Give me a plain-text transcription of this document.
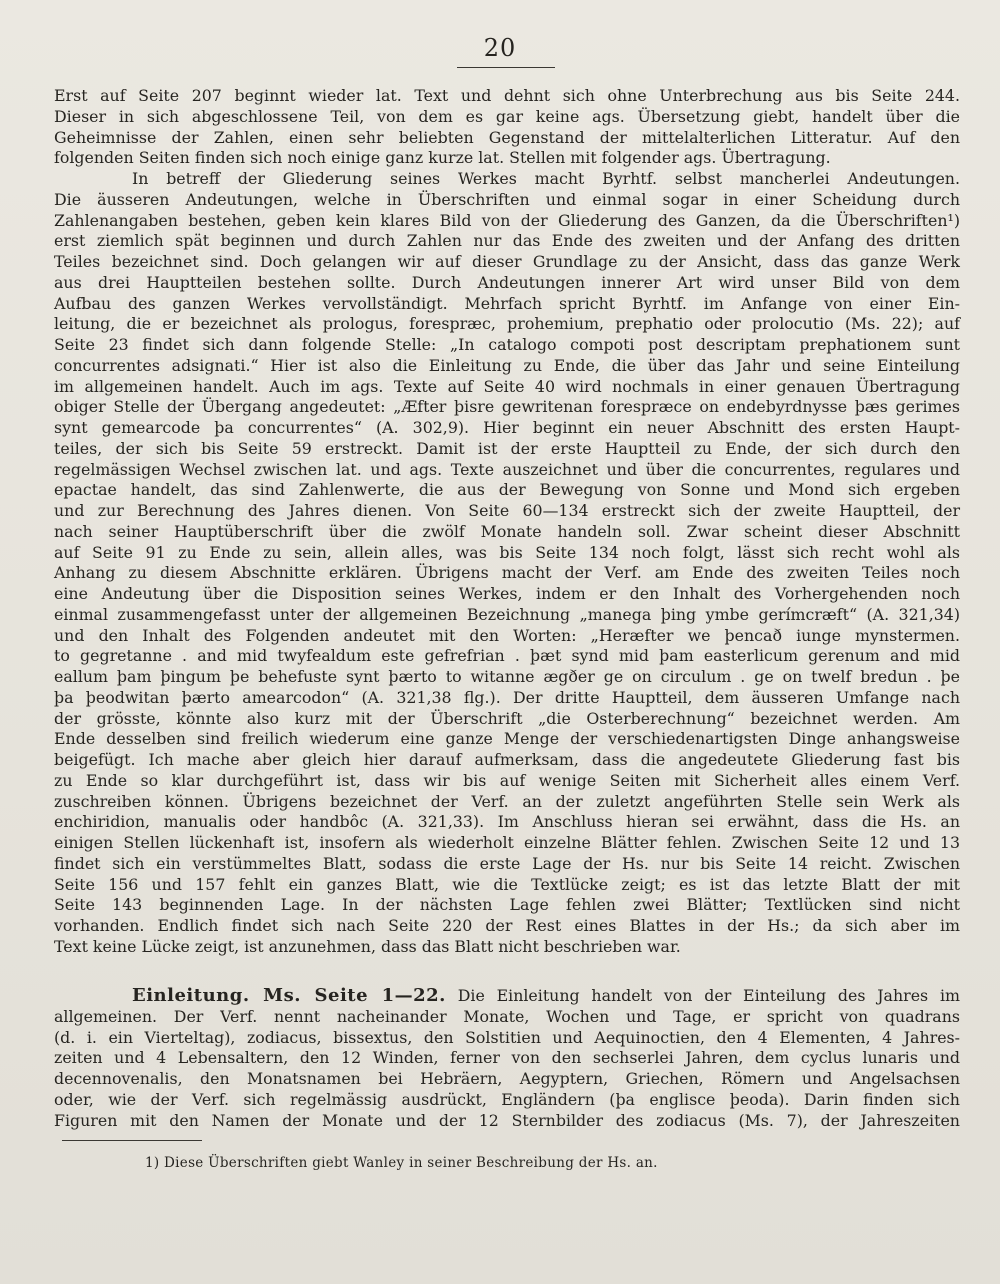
20
Erst auf Seite 207 beginnt wieder lat. Text und dehnt sich ohne Unterbrechung aus bis Seite 244.
Dieser in sich abgeschlossene Teil, von dem es gar keine ags. Übersetzung giebt, handelt über die
Geheimnisse der Zahlen, einen sehr beliebten Gegenstand der mittelalterlichen Litteratur. Auf den
folgenden Seiten finden sich noch einige ganz kurze lat. Stellen mit folgender ags. Übertragung.
In betreff der Gliederung seines Werkes macht Byrhtf. selbst mancherlei Andeutungen.
Die äusseren Andeutungen, welche in Überschriften und einmal sogar in einer Scheidung durch
Zahlenangaben bestehen, geben kein klares Bild von der Gliederung des Ganzen, da die Überschriften¹)
erst ziemlich spät beginnen und durch Zahlen nur das Ende des zweiten und der Anfang des dritten
Teiles bezeichnet sind. Doch gelangen wir auf dieser Grundlage zu der Ansicht, dass das ganze Werk
aus drei Hauptteilen bestehen sollte. Durch Andeutungen innerer Art wird unser Bild von dem
Aufbau des ganzen Werkes vervollständigt. Mehrfach spricht Byrhtf. im Anfange von einer Ein-
leitung, die er bezeichnet als prologus, foresprӕc, prohemium, prephatio oder prolocutio (Ms. 22); auf
Seite 23 findet sich dann folgende Stelle: „In catalogo compoti post descriptam prephationem sunt
concurrentes adsignati.“ Hier ist also die Einleitung zu Ende, die über das Jahr und seine Einteilung
im allgemeinen handelt. Auch im ags. Texte auf Seite 40 wird nochmals in einer genauen Übertragung
obiger Stelle der Übergang angedeutet: „Æfter þisre gewritenan foresprӕce on endebyrdnysse þӕs gerimes
synt gemearcode þa concurrentes“ (A. 302,9). Hier beginnt ein neuer Abschnitt des ersten Haupt-
teiles, der sich bis Seite 59 erstreckt. Damit ist der erste Hauptteil zu Ende, der sich durch den
regelmässigen Wechsel zwischen lat. und ags. Texte auszeichnet und über die concurrentes, regulares und
epactae handelt, das sind Zahlenwerte, die aus der Bewegung von Sonne und Mond sich ergeben
und zur Berechnung des Jahres dienen. Von Seite 60—134 erstreckt sich der zweite Hauptteil, der
nach seiner Hauptüberschrift über die zwölf Monate handeln soll. Zwar scheint dieser Abschnitt
auf Seite 91 zu Ende zu sein, allein alles, was bis Seite 134 noch folgt, lässt sich recht wohl als
Anhang zu diesem Abschnitte erklären. Übrigens macht der Verf. am Ende des zweiten Teiles noch
eine Andeutung über die Disposition seines Werkes, indem er den Inhalt des Vorhergehenden noch
einmal zusammengefasst unter der allgemeinen Bezeichnung „manega þing ymbe gerímcrӕft“ (A. 321,34)
und den Inhalt des Folgenden andeutet mit den Worten: „Herӕfter we þencað iunge mynstermen.
to gegretanne . and mid twyfealdum este gefrefrian . þӕt synd mid þam easterlicum gerenum and mid
eallum þam þingum þe behefuste synt þӕrto to witanne ӕgðer ge on circulum . ge on twelf bredun . þe
þa þeodwitan þӕrto amearcodon“ (A. 321,38 flg.). Der dritte Hauptteil, dem äusseren Umfange nach
der grösste, könnte also kurz mit der Überschrift „die Osterberechnung“ bezeichnet werden. Am
Ende desselben sind freilich wiederum eine ganze Menge der verschiedenartigsten Dinge anhangsweise
beigefügt. Ich mache aber gleich hier darauf aufmerksam, dass die angedeutete Gliederung fast bis
zu Ende so klar durchgeführt ist, dass wir bis auf wenige Seiten mit Sicherheit alles einem Verf.
zuschreiben können. Übrigens bezeichnet der Verf. an der zuletzt angeführten Stelle sein Werk als
enchiridion, manualis oder handbôc (A. 321,33). Im Anschluss hieran sei erwähnt, dass die Hs. an
einigen Stellen lückenhaft ist, insofern als wiederholt einzelne Blätter fehlen. Zwischen Seite 12 und 13
findet sich ein verstümmeltes Blatt, sodass die erste Lage der Hs. nur bis Seite 14 reicht. Zwischen
Seite 156 und 157 fehlt ein ganzes Blatt, wie die Textlücke zeigt; es ist das letzte Blatt der mit
Seite 143 beginnenden Lage. In der nächsten Lage fehlen zwei Blätter; Textlücken sind nicht
vorhanden. Endlich findet sich nach Seite 220 der Rest eines Blattes in der Hs.; da sich aber im
Text keine Lücke zeigt, ist anzunehmen, dass das Blatt nicht beschrieben war.
Einleitung. Ms. Seite 1—22. Die Einleitung handelt von der Einteilung des Jahres im
allgemeinen. Der Verf. nennt nacheinander Monate, Wochen und Tage, er spricht von quadrans
(d. i. ein Vierteltag), zodiacus, bissextus, den Solstitien und Aequinoctien, den 4 Elementen, 4 Jahres-
zeiten und 4 Lebensaltern, den 12 Winden, ferner von den sechserlei Jahren, dem cyclus lunaris und
decennovenalis, den Monatsnamen bei Hebräern, Aegyptern, Griechen, Römern und Angelsachsen
oder, wie der Verf. sich regelmässig ausdrückt, Engländern (þa englisce þeoda). Darin finden sich
Figuren mit den Namen der Monate und der 12 Sternbilder des zodiacus (Ms. 7), der Jahreszeiten
1) Diese Überschriften giebt Wanley in seiner Beschreibung der Hs. an.
